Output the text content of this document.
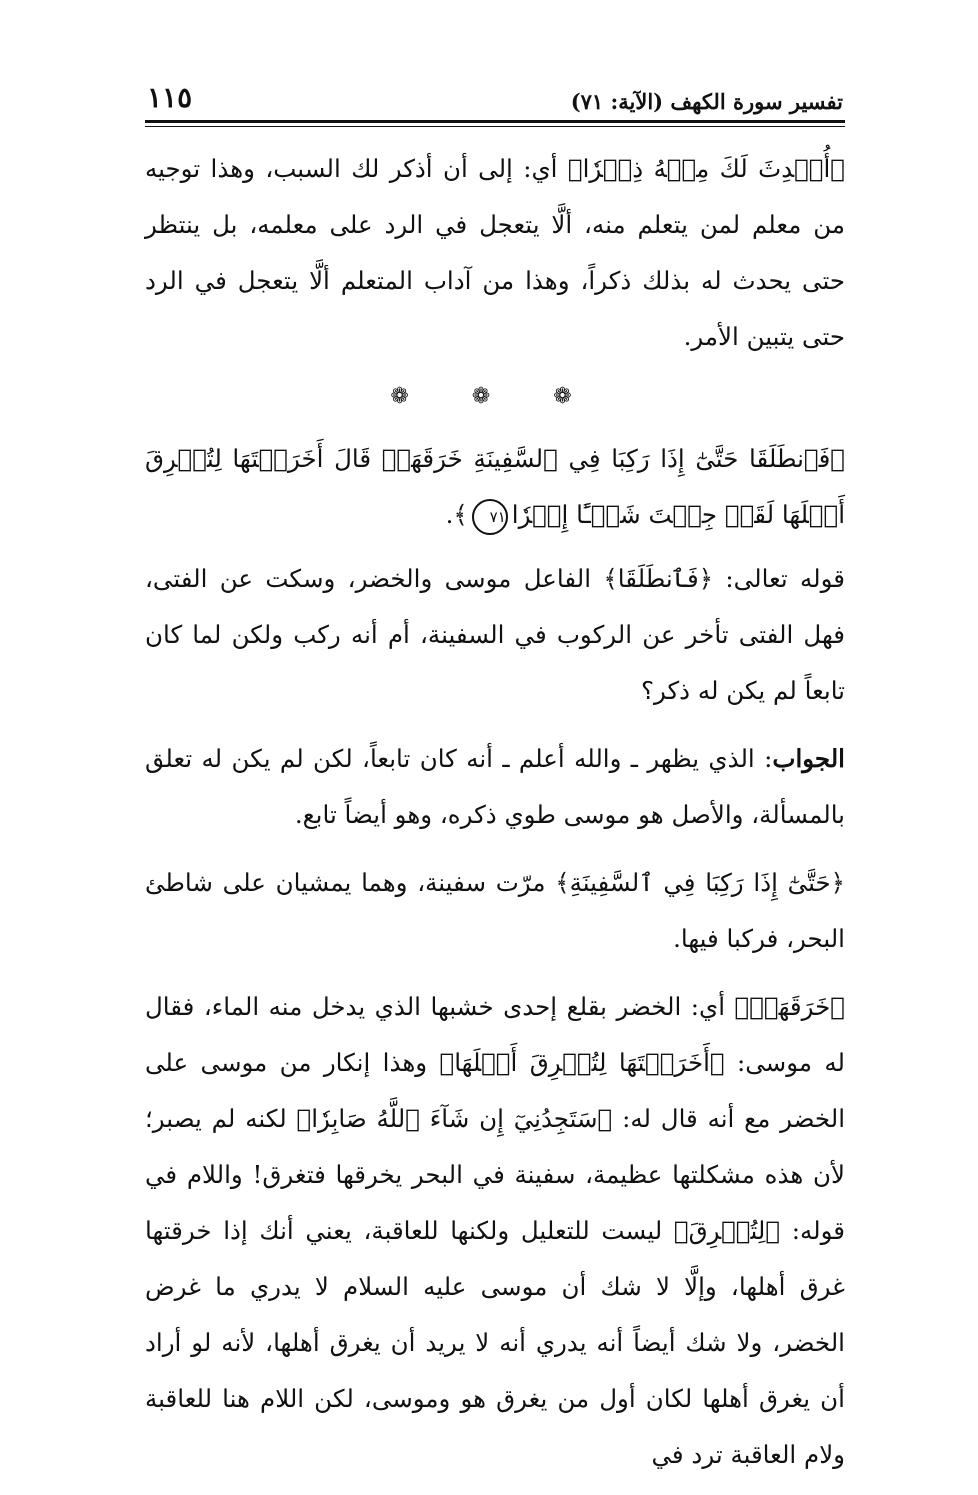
تفسير سورة الكهف (الآية: ٧١)
١١٥

﴿أُحۡدِثَ لَكَ مِنۡهُ ذِكۡرٗا﴾ أي: إلى أن أذكر لك السبب، وهذا توجيه من معلم لمن يتعلم منه، ألَّا يتعجل في الرد على معلمه، بل ينتظر حتى يحدث له بذلك ذكراً، وهذا من آداب المتعلم ألَّا يتعجل في الرد حتى يتبين الأمر.

❁ ❁ ❁
﴿فَٱنطَلَقَا حَتَّىٰٓ إِذَا رَكِبَا فِي ٱلسَّفِينَةِ خَرَقَهَاۖ قَالَ أَخَرَقۡتَهَا لِتُغۡرِقَ أَهۡلَهَا لَقَدۡ جِئۡتَ شَيۡـًٔا إِمۡرٗا٧١﴾.

قوله تعالى: ﴿فَٱنطَلَقَا﴾ الفاعل موسى والخضر، وسكت عن الفتى، فهل الفتى تأخر عن الركوب في السفينة، أم أنه ركب ولكن لما كان تابعاً لم يكن له ذكر؟

الجواب: الذي يظهر ـ والله أعلم ـ أنه كان تابعاً، لكن لم يكن له تعلق بالمسألة، والأصل هو موسى طوي ذكره، وهو أيضاً تابع.

﴿حَتَّىٰٓ إِذَا رَكِبَا فِي ٱلسَّفِينَةِ﴾ مرّت سفينة، وهما يمشيان على شاطئ البحر، فركبا فيها.

﴿خَرَقَهَاۖ﴾ أي: الخضر بقلع إحدى خشبها الذي يدخل منه الماء، فقال له موسى: ﴿أَخَرَقۡتَهَا لِتُغۡرِقَ أَهۡلَهَا﴾ وهذا إنكار من موسى على الخضر مع أنه قال له: ﴿سَتَجِدُنِيٓ إِن شَآءَ ٱللَّهُ صَابِرٗا﴾ لكنه لم يصبر؛ لأن هذه مشكلتها عظيمة، سفينة في البحر يخرقها فتغرق! واللام في قوله: ﴿لِتُغۡرِقَ﴾ ليست للتعليل ولكنها للعاقبة، يعني أنك إذا خرقتها غرق أهلها، وإلَّا لا شك أن موسى عليه السلام لا يدري ما غرض الخضر، ولا شك أيضاً أنه يدري أنه لا يريد أن يغرق أهلها، لأنه لو أراد أن يغرق أهلها لكان أول من يغرق هو وموسى، لكن اللام هنا للعاقبة ولام العاقبة ترد في
